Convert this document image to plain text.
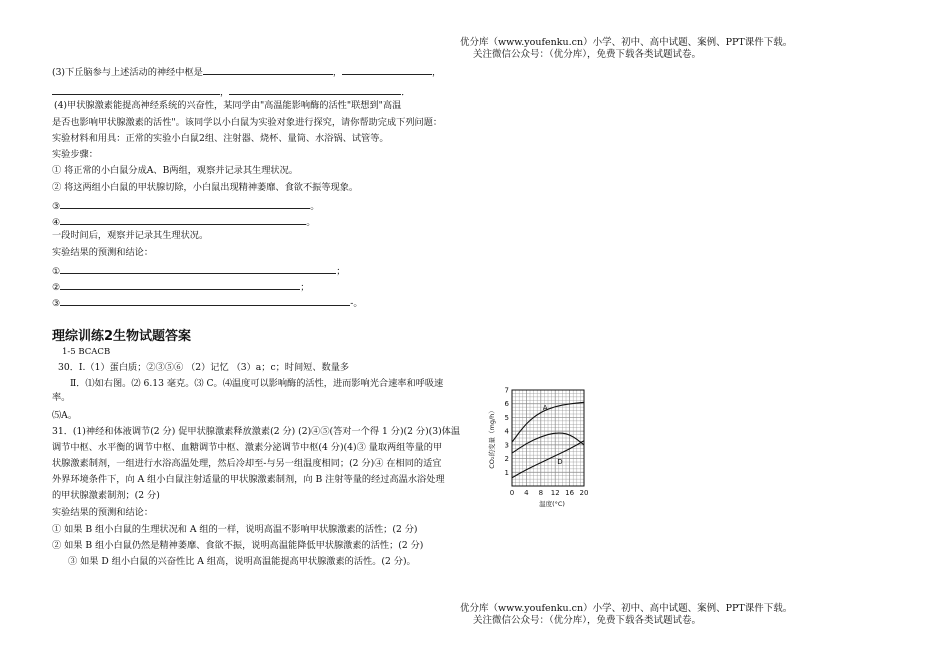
优分库（www.youfenku.cn）小学、初中、高中试题、案例、PPT课件下载。
关注微信公众号：（优分库），免费下载各类试题试卷。
(3)下丘脑参与上述活动的神经中枢是	，	，
，	．
(4)甲状腺激素能提高神经系统的兴奋性，某同学由"高温能影响酶的活性"联想到"高温
是否也影响甲状腺激素的活性"。该同学以小白鼠为实验对象进行探究，请你帮助完成下列问题：
实验材料和用具：正常的实验小白鼠2组、注射器、烧杯、量筒、水浴锅、试管等。
实验步骤：
① 将正常的小白鼠分成A、B两组，观察并记录其生理状况。
② 将这两组小白鼠的甲状腺切除，小白鼠出现精神萎靡、食欲不振等现象。
③	。
④	。
一段时间后，观察并记录其生理状况。
实验结果的预测和结论：
①	；
②	；
③	-。
理综训练2生物试题答案
1-5 BCACB
30．Ⅰ.（1）蛋白质；②③⑤⑥ （2）记忆 （3）a；c；时间短、数量多
Ⅱ．⑴如右图。⑵ 6.13 毫克。⑶ C。⑷温度可以影响酶的活性，进而影响光合速率和呼吸速
率。
⑸A。
31．(1)神经和体液调节(2 分) 促甲状腺激素释放激素(2 分) (2)④⑤(答对一个得 1 分)(2 分)(3)体温
调节中枢、水平衡的调节中枢、血糖调节中枢、激素分泌调节中枢(4 分)(4)③ 量取两组等量的甲
状腺激素制剂，一组进行水浴高温处理，然后冷却至-与另一组温度相同；(2 分)④ 在相同的适宜
外界环境条件下，向 A 组小白鼠注射适量的甲状腺激素制剂，向 B 注射等量的经过高温水浴处理
的甲状腺激素制剂；(2 分)
实验结果的预测和结论：
① 如果 B 组小白鼠的生理状况和 A 组的一样，说明高温不影响甲状腺激素的活性；(2 分)
② 如果 B 组小白鼠仍然是精神萎靡、食欲不振，说明高温能降低甲状腺激素的活性；(2 分)
③ 如果 D 组小白鼠的兴奋性比 A 组高，说明高温能提高甲状腺激素的活性。(2 分)。
1
2
3
4
5
6
7
0 4 8 12 16 20
温度(°C)
CO₂的变量（mg/h）	A
D
优分库（www.youfenku.cn）小学、初中、高中试题、案例、PPT课件下载。
关注微信公众号：（优分库），免费下载各类试题试卷。
